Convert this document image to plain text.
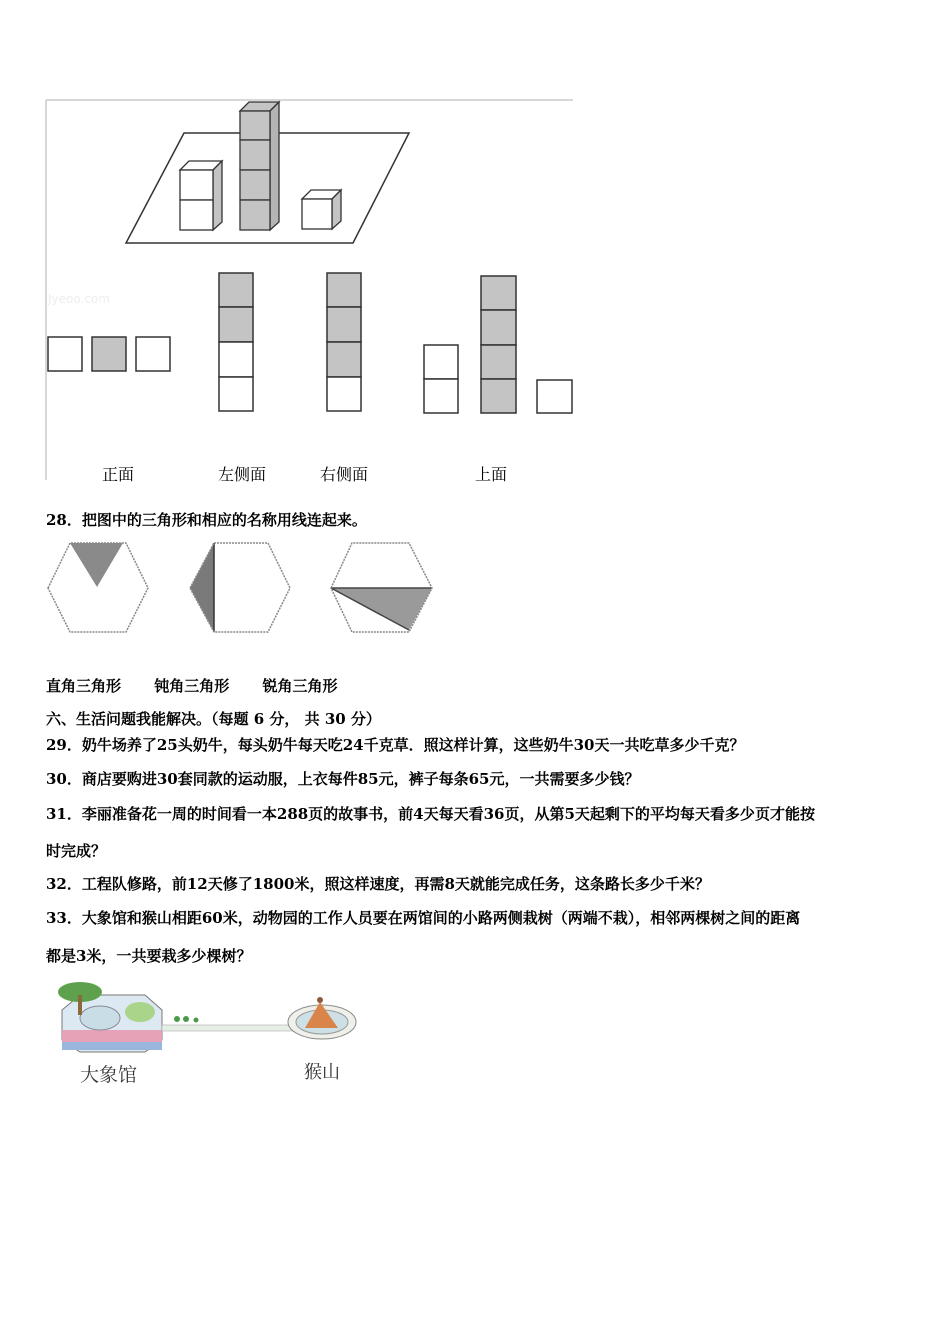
Jyeoo.com
正面	左侧面	右侧面	上面
28．把图中的三角形和相应的名称用线连起来。
直角三角形 钝角三角形 锐角三角形
六、生活问题我能解决。（每题 6 分， 共 30 分）
29．奶牛场养了25头奶牛，每头奶牛每天吃24千克草．照这样计算，这些奶牛30天一共吃草多少千克？
30．商店要购进30套同款的运动服，上衣每件85元，裤子每条65元，一共需要多少钱？
31．李丽准备花一周的时间看一本288页的故事书，前4天每天看36页，从第5天起剩下的平均每天看多少页才能按
时完成？
32．工程队修路，前12天修了1800米，照这样速度，再需8天就能完成任务，这条路长多少千米？
33．大象馆和猴山相距60米，动物园的工作人员要在两馆间的小路两侧栽树（两端不栽），相邻两棵树之间的距离
都是3米，一共要栽多少棵树？
大象馆	猴山
